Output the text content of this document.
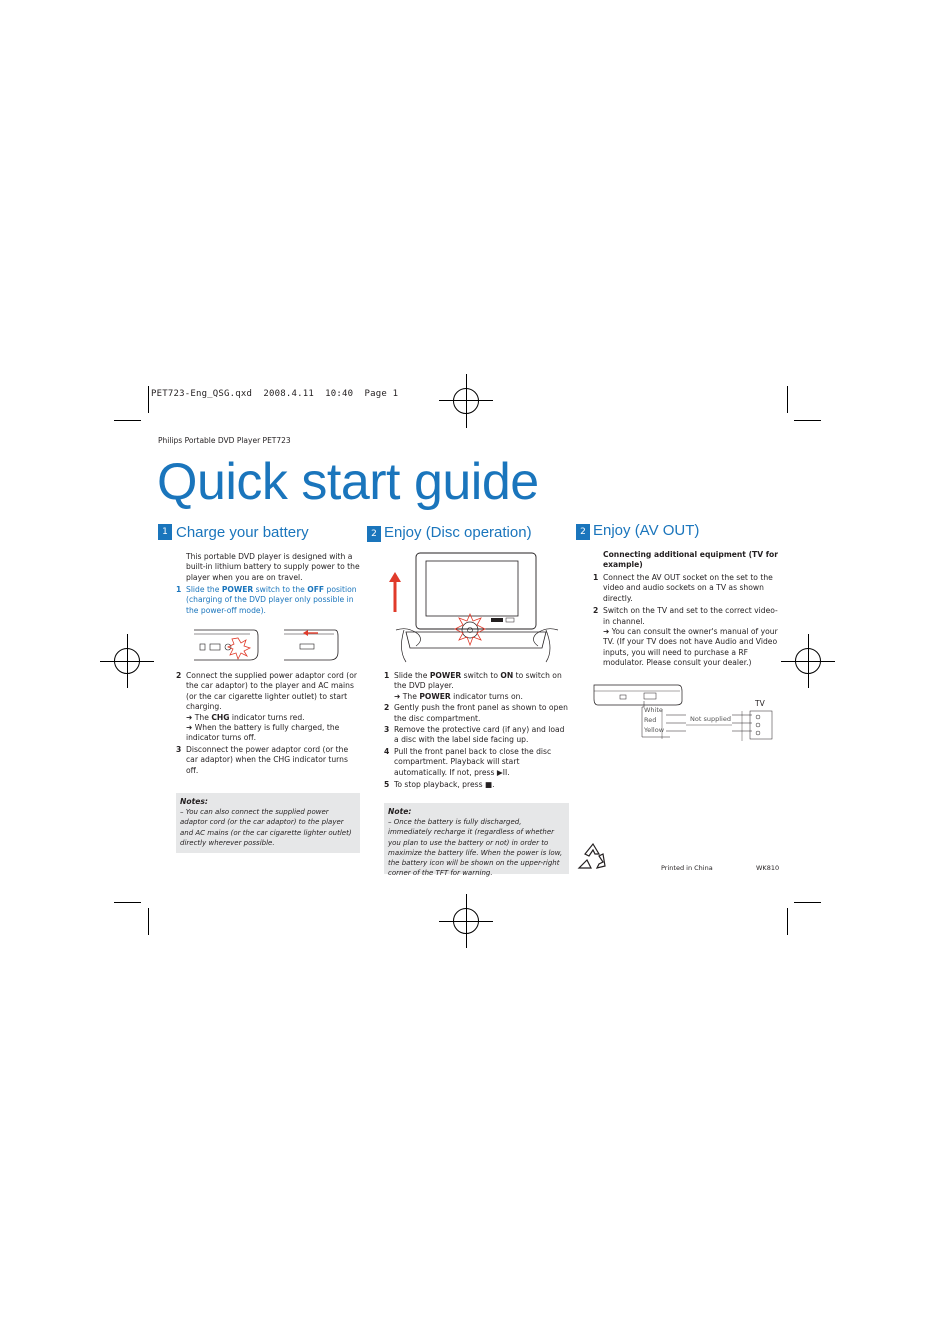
PET723-Eng_QSG.qxd  2008.4.11  10:40  Page 1
Philips Portable DVD Player PET723
Quick start guide
1 Charge your battery
This portable DVD player is designed with a built-in lithium battery to supply power to the player when you are on travel.
1 Slide the POWER switch to the OFF position (charging of the DVD player only possible in the power-off mode).
2 Connect the supplied power adaptor cord (or the car adaptor) to the player and AC mains (or the car cigarette lighter outlet) to start charging.
➜ The CHG indicator turns red.
➜ When the battery is fully charged, the indicator turns off.
3 Disconnect the power adaptor cord (or the car adaptor) when the CHG indicator turns off.
Notes:
– You can also connect the supplied power adaptor cord (or the car adaptor) to the player and AC mains (or the car cigarette lighter outlet) directly wherever possible.
2 Enjoy (Disc operation)
1 Slide the POWER switch to ON to switch on the DVD player.
➜ The POWER indicator turns on.
2 Gently push the front panel as shown to open the disc compartment.
3 Remove the protective card (if any) and load a disc with the label side facing up.
4 Pull the front panel back to close the disc compartment. Playback will start automatically. If not, press ▶II.
5 To stop playback, press ■.
Note:
– Once the battery is fully discharged, immediately recharge it (regardless of whether you plan to use the battery or not) in order to maximize the battery life. When the power is low, the battery icon will be shown on the upper-right corner of the TFT for warning.
2 Enjoy (AV OUT)
Connecting additional equipment (TV for example)
1 Connect the AV OUT socket on the set to the video and audio sockets on a TV as shown directly.
2 Switch on the TV and set to the correct video-in channel.
➜ You can consult the owner's manual of your TV. (If your TV does not have Audio and Video inputs, you will need to purchase a RF modulator. Please consult your dealer.)
White
Red
Yellow
Not supplied
TV
Printed in China	WK810
